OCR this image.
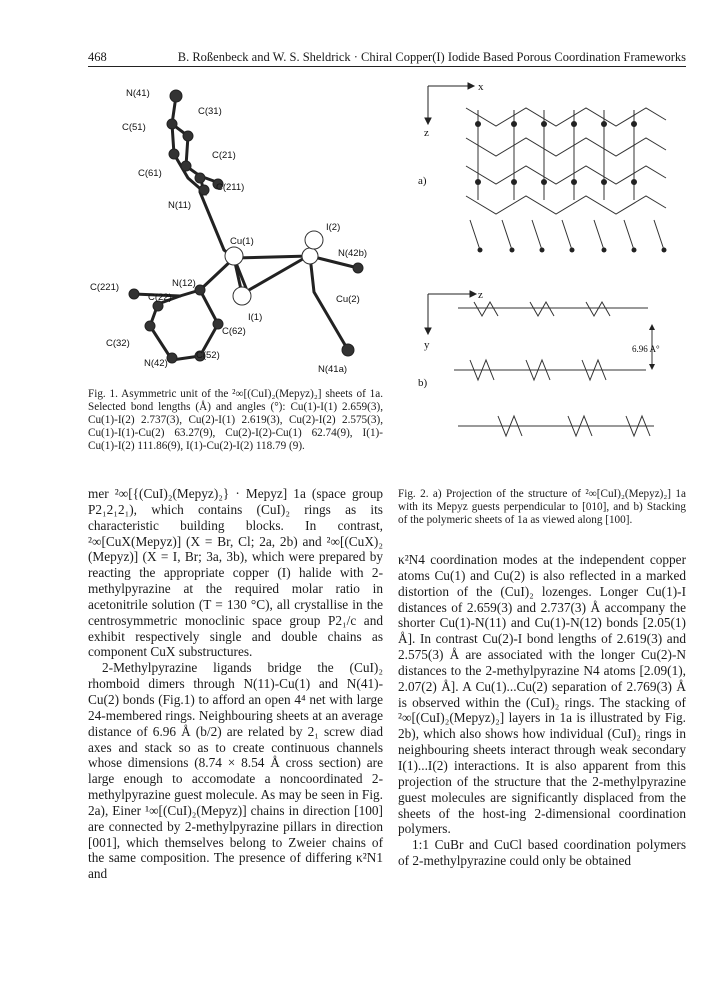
468	B. Roßenbeck and W. S. Sheldrick · Chiral Copper(I) Iodide Based Porous Coordination Frameworks
N(41)
C(31)
C(51)
C(21)
C(61)
C(211)
N(11)
I(2)
Cu(1)
N(42b)
C(221)	N(12)
C(22)	Cu(2)
I(1)
C(62)
C(32)
C(52)
N(42)
N(41a)
Fig. 1. Asymmetric unit of the ²∞[(CuI)₂(Mepyz)₂] sheets of 1a. Selected bond lengths (Å) and angles (°): Cu(1)-I(1) 2.659(3), Cu(1)-I(2) 2.737(3), Cu(2)-I(1) 2.619(3), Cu(2)-I(2) 2.575(3), Cu(1)-I(1)-Cu(2) 63.27(9), Cu(2)-I(2)-Cu(1) 62.74(9), I(1)-Cu(1)-I(2) 111.86(9), I(1)-Cu(2)-I(2) 118.79 (9).
x
z
a)
z
y
b)
6.96 A°
Fig. 2. a) Projection of the structure of ²∞[CuI)₂(Mepyz)₂] 1a with its Mepyz guests perpendicular to [010], and b) Stacking of the polymeric sheets of 1a as viewed along [100].

mer ²∞[{(CuI)₂(Mepyz)₂} · Mepyz] 1a (space group P2₁2₁2₁), which contains (CuI)₂ rings as its characteristic building blocks. In contrast, ²∞[CuX(Mepyz)] (X = Br, Cl; 2a, 2b) and ²∞[(CuX)₂ (Mepyz)] (X = I, Br; 3a, 3b), which were prepared by reacting the appropriate copper (I) halide with 2-methylpyrazine at the required molar ratio in acetonitrile solution (T = 130 °C), all crystallise in the centrosymmetric monoclinic space group P2₁/c and exhibit respectively single and double chains as component CuX substructures.

2-Methylpyrazine ligands bridge the (CuI)₂ rhomboid dimers through N(11)-Cu(1) and N(41)-Cu(2) bonds (Fig.1) to afford an open 4⁴ net with large 24-membered rings. Neighbouring sheets at an average distance of 6.96 Å (b/2) are related by 2₁ screw diad axes and stack so as to create continuous channels whose dimensions (8.74 × 8.54 Å cross section) are large enough to accomodate a noncoordinated 2-methylpyrazine guest molecule. As may be seen in Fig. 2a), Einer ¹∞[(CuI)₂(Mepyz)] chains in direction [100] are connected by 2-methylpyrazine pillars in direction [001], which themselves belong to Zweier chains of the same composition. The presence of differing κ²N1 and

κ²N4 coordination modes at the independent copper atoms Cu(1) and Cu(2) is also reflected in a marked distortion of the (CuI)₂ lozenges. Longer Cu(1)-I distances of 2.659(3) and 2.737(3) Å accompany the shorter Cu(1)-N(11) and Cu(1)-N(12) bonds [2.05(1) Å]. In contrast Cu(2)-I bond lengths of 2.619(3) and 2.575(3) Å are associated with the longer Cu(2)-N distances to the 2-methylpyrazine N4 atoms [2.09(1), 2.07(2) Å]. A Cu(1)...Cu(2) separation of 2.769(3) Å is observed within the (CuI)₂ rings. The stacking of ²∞[(CuI)₂(Mepyz)₂] layers in 1a is illustrated by Fig. 2b), which also shows how individual (CuI)₂ rings in neighbouring sheets interact through weak secondary I(1)...I(2) interactions. It is also apparent from this projection of the structure that the 2-methylpyrazine guest molecules are significantly displaced from the sheets of the host-ing 2-dimensional coordination polymers.

1:1 CuBr and CuCl based coordination polymers of 2-methylpyrazine could only be obtained
